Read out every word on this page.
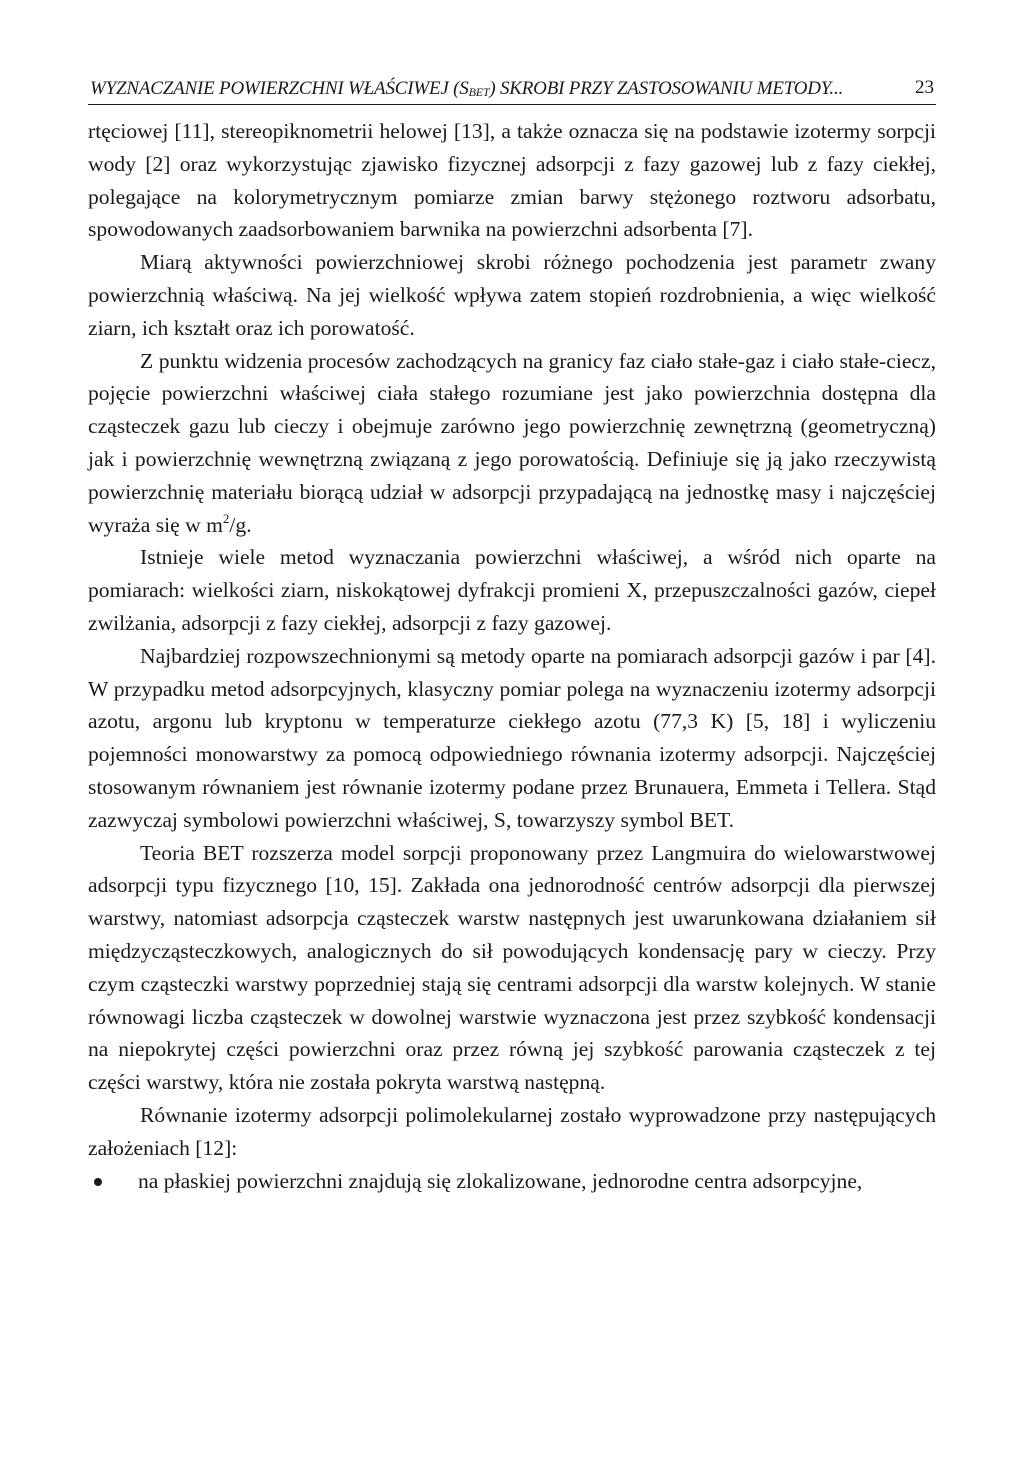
WYZNACZANIE POWIERZCHNI WŁAŚCIWEJ (SBET) SKROBI PRZY ZASTOSOWANIU METODY...	23

rtęciowej [11], stereopiknometrii helowej [13], a także oznacza się na podstawie izotermy sorpcji wody [2] oraz wykorzystując zjawisko fizycznej adsorpcji z fazy gazowej lub z fazy ciekłej, polegające na kolorymetrycznym pomiarze zmian barwy stężonego roztworu adsorbatu, spowodowanych zaadsorbowaniem barwnika na powierzchni adsorbenta [7].

Miarą aktywności powierzchniowej skrobi różnego pochodzenia jest parametr zwany powierzchnią właściwą. Na jej wielkość wpływa zatem stopień rozdrobnienia, a więc wielkość ziarn, ich kształt oraz ich porowatość.

Z punktu widzenia procesów zachodzących na granicy faz ciało stałe-gaz i ciało stałe-ciecz, pojęcie powierzchni właściwej ciała stałego rozumiane jest jako powierzchnia dostępna dla cząsteczek gazu lub cieczy i obejmuje zarówno jego powierzchnię zewnętrzną (geometryczną) jak i powierzchnię wewnętrzną związaną z jego porowatością. Definiuje się ją jako rzeczywistą powierzchnię materiału biorącą udział w adsorpcji przypadającą na jednostkę masy i najczęściej wyraża się w $m^2/g$.

Istnieje wiele metod wyznaczania powierzchni właściwej, a wśród nich oparte na pomiarach: wielkości ziarn, niskokątowej dyfrakcji promieni X, przepuszczalności gazów, ciepeł zwilżania, adsorpcji z fazy ciekłej, adsorpcji z fazy gazowej.

Najbardziej rozpowszechnionymi są metody oparte na pomiarach adsorpcji gazów i par [4]. W przypadku metod adsorpcyjnych, klasyczny pomiar polega na wyznaczeniu izotermy adsorpcji azotu, argonu lub kryptonu w temperaturze ciekłego azotu (77,3 K) [5, 18] i wyliczeniu pojemności monowarstwy za pomocą odpowiedniego równania izotermy adsorpcji. Najczęściej stosowanym równaniem jest równanie izotermy podane przez Brunauera, Emmeta i Tellera. Stąd zazwyczaj symbolowi powierzchni właściwej, S, towarzyszy symbol BET.

Teoria BET rozszerza model sorpcji proponowany przez Langmuira do wielowarstwowej adsorpcji typu fizycznego [10, 15]. Zakłada ona jednorodność centrów adsorpcji dla pierwszej warstwy, natomiast adsorpcja cząsteczek warstw następnych jest uwarunkowana działaniem sił międzycząsteczkowych, analogicznych do sił powodujących kondensację pary w cieczy. Przy czym cząsteczki warstwy poprzedniej stają się centrami adsorpcji dla warstw kolejnych. W stanie równowagi liczba cząsteczek w dowolnej warstwie wyznaczona jest przez szybkość kondensacji na niepokrytej części powierzchni oraz przez równą jej szybkość parowania cząsteczek z tej części warstwy, która nie została pokryta warstwą następną.

Równanie izotermy adsorpcji polimolekularnej zostało wyprowadzone przy następujących założeniach [12]:

na płaskiej powierzchni znajdują się zlokalizowane, jednorodne centra adsorpcyjne,
